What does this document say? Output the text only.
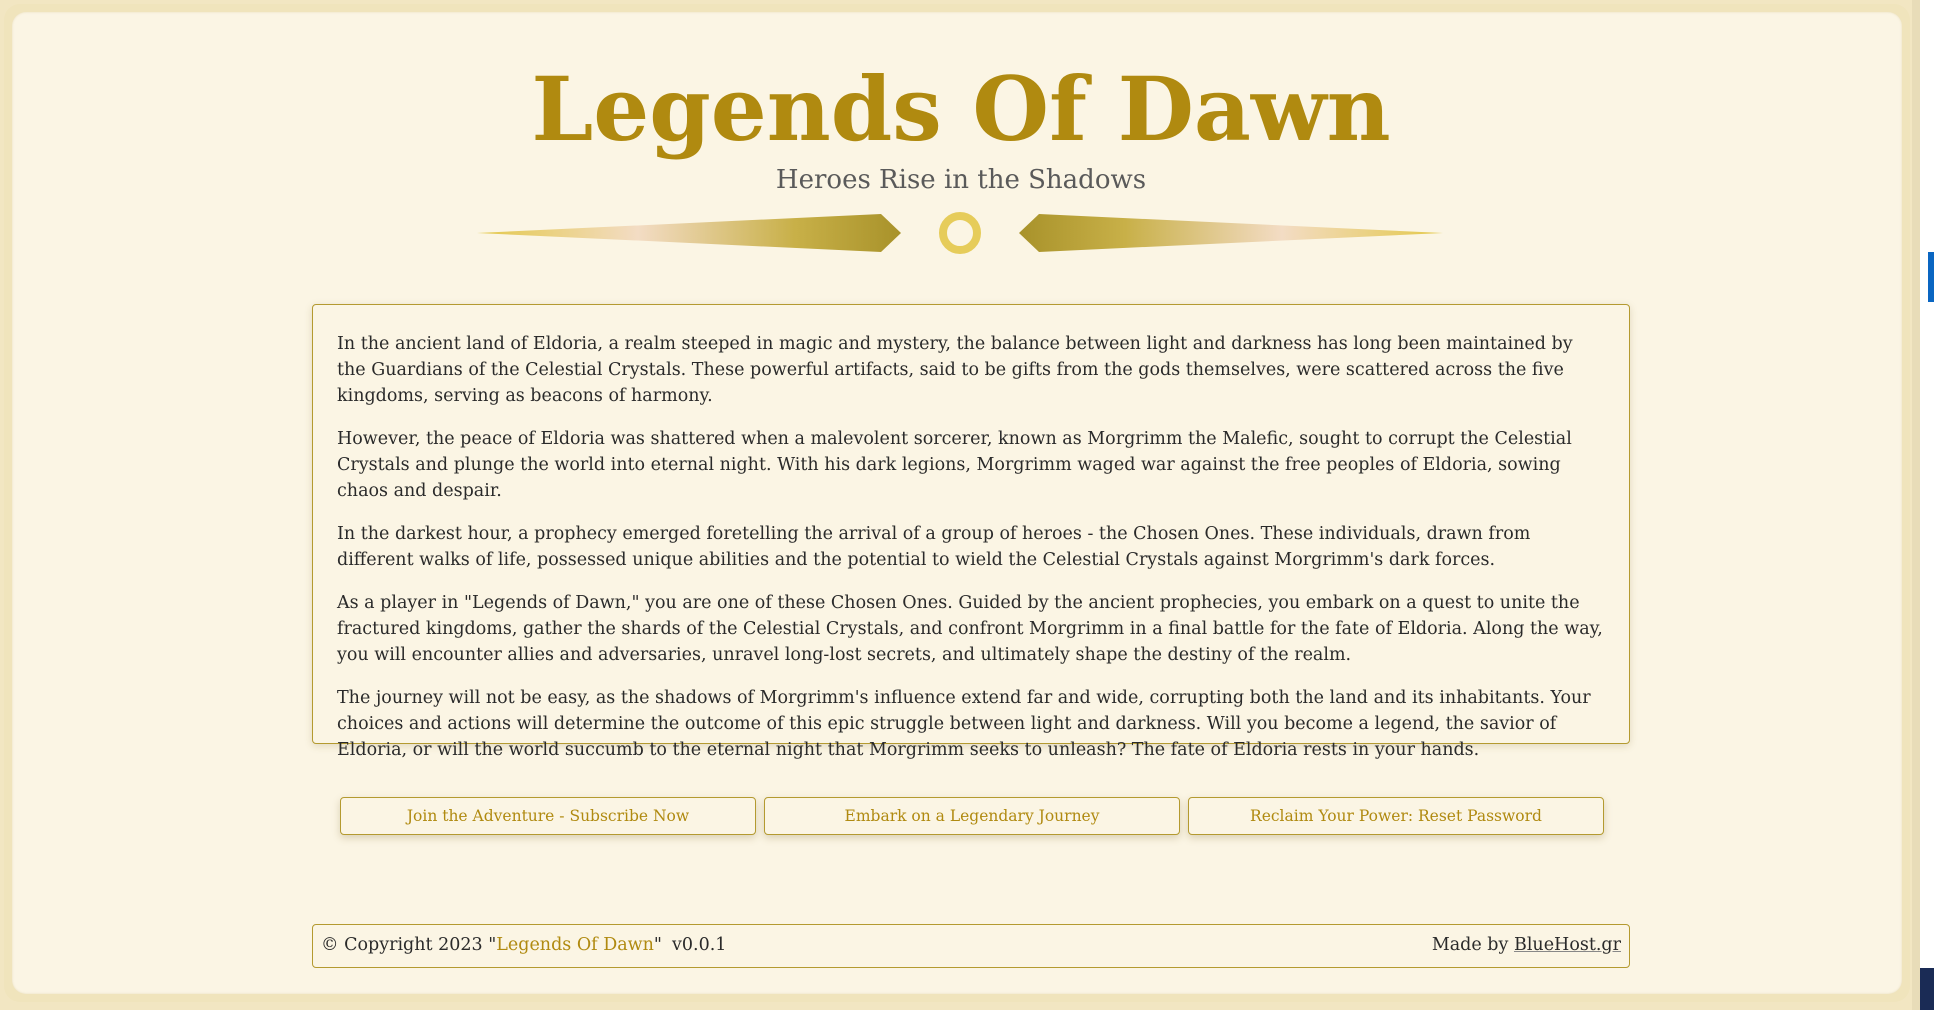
Legends Of Dawn
Heroes Rise in the Shadows

In the ancient land of Eldoria, a realm steeped in magic and mystery, the balance between light and darkness has long been maintained by the Guardians of the Celestial Crystals. These powerful artifacts, said to be gifts from the gods themselves, were scattered across the five kingdoms, serving as beacons of harmony.

However, the peace of Eldoria was shattered when a malevolent sorcerer, known as Morgrimm the Malefic, sought to corrupt the Celestial Crystals and plunge the world into eternal night. With his dark legions, Morgrimm waged war against the free peoples of Eldoria, sowing chaos and despair.

In the darkest hour, a prophecy emerged foretelling the arrival of a group of heroes - the Chosen Ones. These individuals, drawn from different walks of life, possessed unique abilities and the potential to wield the Celestial Crystals against Morgrimm's dark forces.

As a player in "Legends of Dawn," you are one of these Chosen Ones. Guided by the ancient prophecies, you embark on a quest to unite the fractured kingdoms, gather the shards of the Celestial Crystals, and confront Morgrimm in a final battle for the fate of Eldoria. Along the way, you will encounter allies and adversaries, unravel long-lost secrets, and ultimately shape the destiny of the realm.

The journey will not be easy, as the shadows of Morgrimm's influence extend far and wide, corrupting both the land and its inhabitants. Your choices and actions will determine the outcome of this epic struggle between light and darkness. Will you become a legend, the savior of Eldoria, or will the world succumb to the eternal night that Morgrimm seeks to unleash? The fate of Eldoria rests in your hands.

Join the Adventure - Subscribe Now	Embark on a Legendary Journey	Reclaim Your Power: Reset Password
© Copyright 2023 "Legends Of Dawn" v0.0.1	Made by BlueHost.gr
